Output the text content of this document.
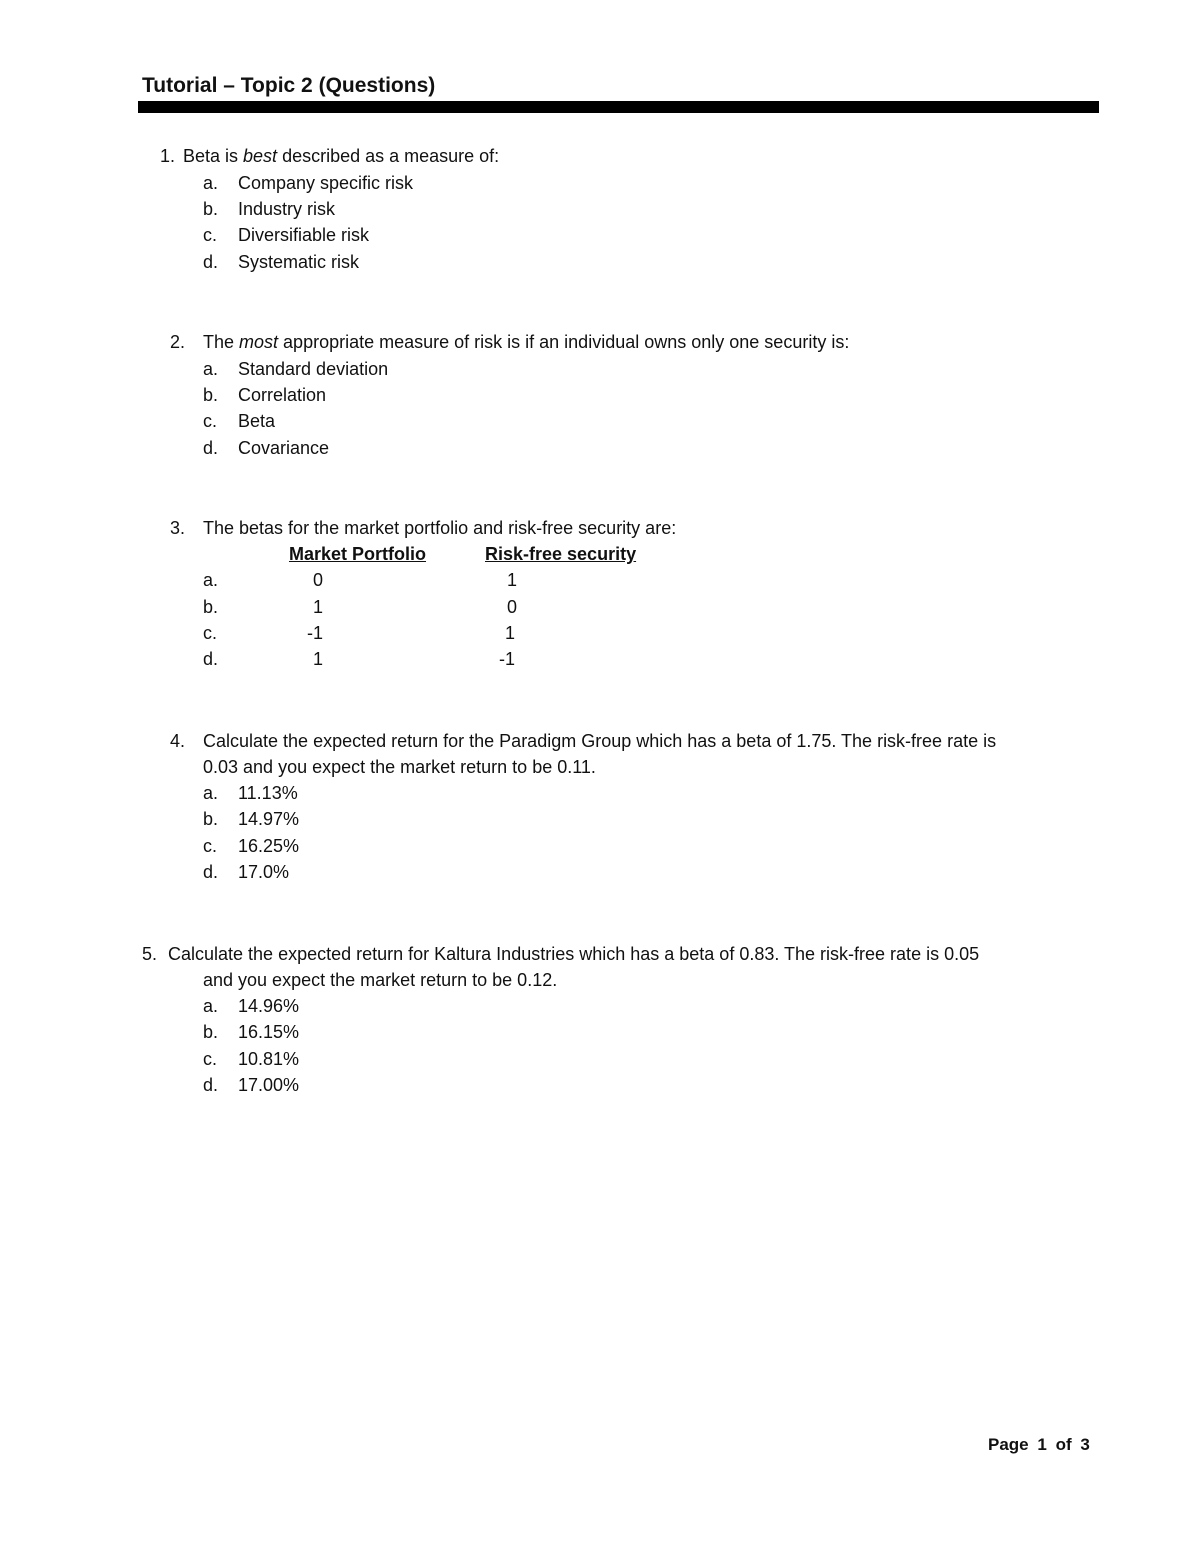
Tutorial – Topic 2 (Questions)
1. Beta is best described as a measure of:
a. Company specific risk
b. Industry risk
c. Diversifiable risk
d. Systematic risk
2. The most appropriate measure of risk is if an individual owns only one security is:
a. Standard deviation
b. Correlation
c. Beta
d. Covariance
3. The betas for the market portfolio and risk-free security are:
Market Portfolio	Risk-free security
a.	0	1
b.	1	0
c.	-1	1
d.	1	-1
4. Calculate the expected return for the Paradigm Group which has a beta of 1.75. The risk-free rate is
0.03 and you expect the market return to be 0.11.
a. 11.13%
b. 14.97%
c. 16.25%
d. 17.0%
5. Calculate the expected return for Kaltura Industries which has a beta of 0.83. The risk-free rate is 0.05
and you expect the market return to be 0.12.
a. 14.96%
b. 16.15%
c. 10.81%
d. 17.00%
Page 1 of 3
